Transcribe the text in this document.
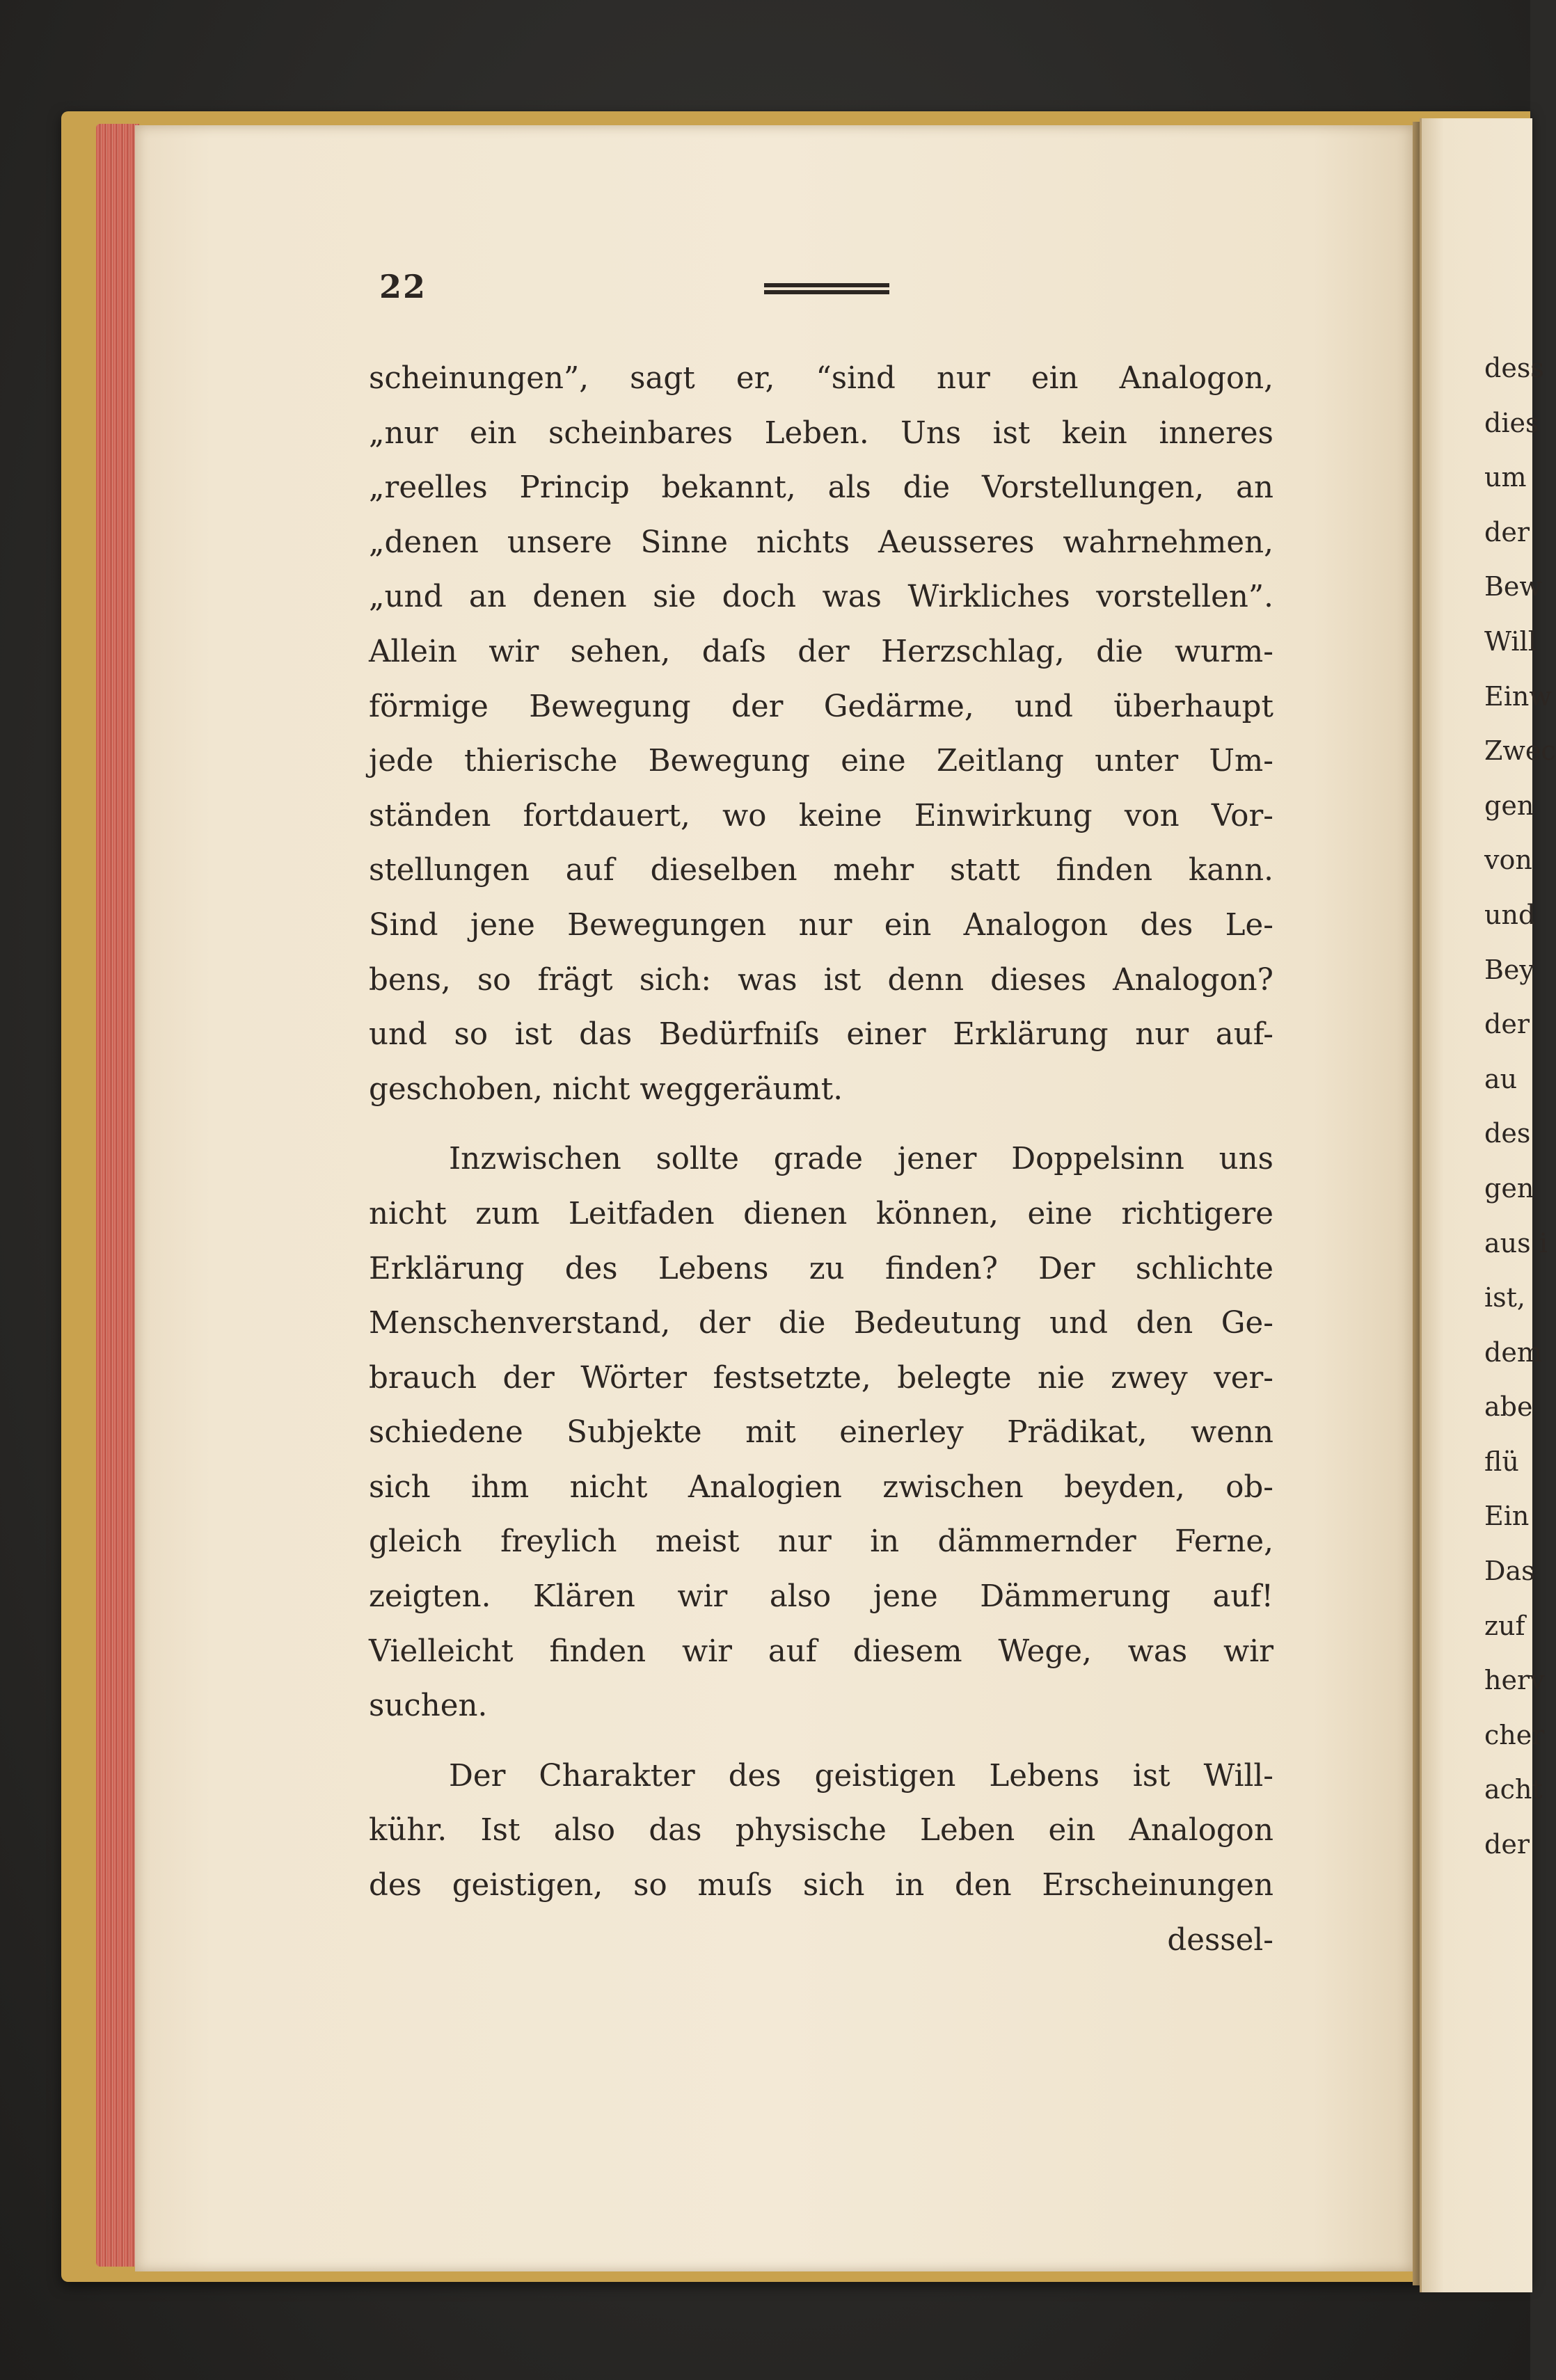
22
scheinungen”, sagt er, “sind nur ein Analogon,
„nur ein scheinbares Leben. Uns ist kein inneres
„reelles Princip bekannt, als die Vorstellungen, an
„denen unsere Sinne nichts Aeusseres wahrnehmen,
„und an denen sie doch was Wirkliches vorstellen”.
Allein wir sehen, daſs der Herzschlag, die wurm-
förmige Bewegung der Gedärme, und überhaupt
jede thierische Bewegung eine Zeitlang unter Um-
ständen fortdauert, wo keine Einwirkung von Vor-
stellungen auf dieselben mehr statt finden kann.
Sind jene Bewegungen nur ein Analogon des Le-
bens, so frägt sich: was ist denn dieses Analogon?
und so ist das Bedürfniſs einer Erklärung nur auf-
geschoben, nicht weggeräumt.
Inzwischen sollte grade jener Doppelsinn uns
nicht zum Leitfaden dienen können, eine richtigere
Erklärung des Lebens zu finden? Der schlichte
Menschenverstand, der die Bedeutung und den Ge-
brauch der Wörter festsetzte, belegte nie zwey ver-
schiedene Subjekte mit einerley Prädikat, wenn
sich ihm nicht Analogien zwischen beyden, ob-
gleich freylich meist nur in dämmernder Ferne,
zeigten. Klären wir also jene Dämmerung auf!
Vielleicht finden wir auf diesem Wege, was wir
suchen.
Der Charakter des geistigen Lebens ist Will-
kühr. Ist also das physische Leben ein Analogon
des geistigen, so muſs sich in den Erscheinungen
dessel-
dess
dies
um
der
Bew
Will
Einw
Zwec
gen
von
und
Bey
der
au
des
gen
aus i
ist,
dem
abe
flü
Ein
Das
zuf
herv
cher
acht
der
